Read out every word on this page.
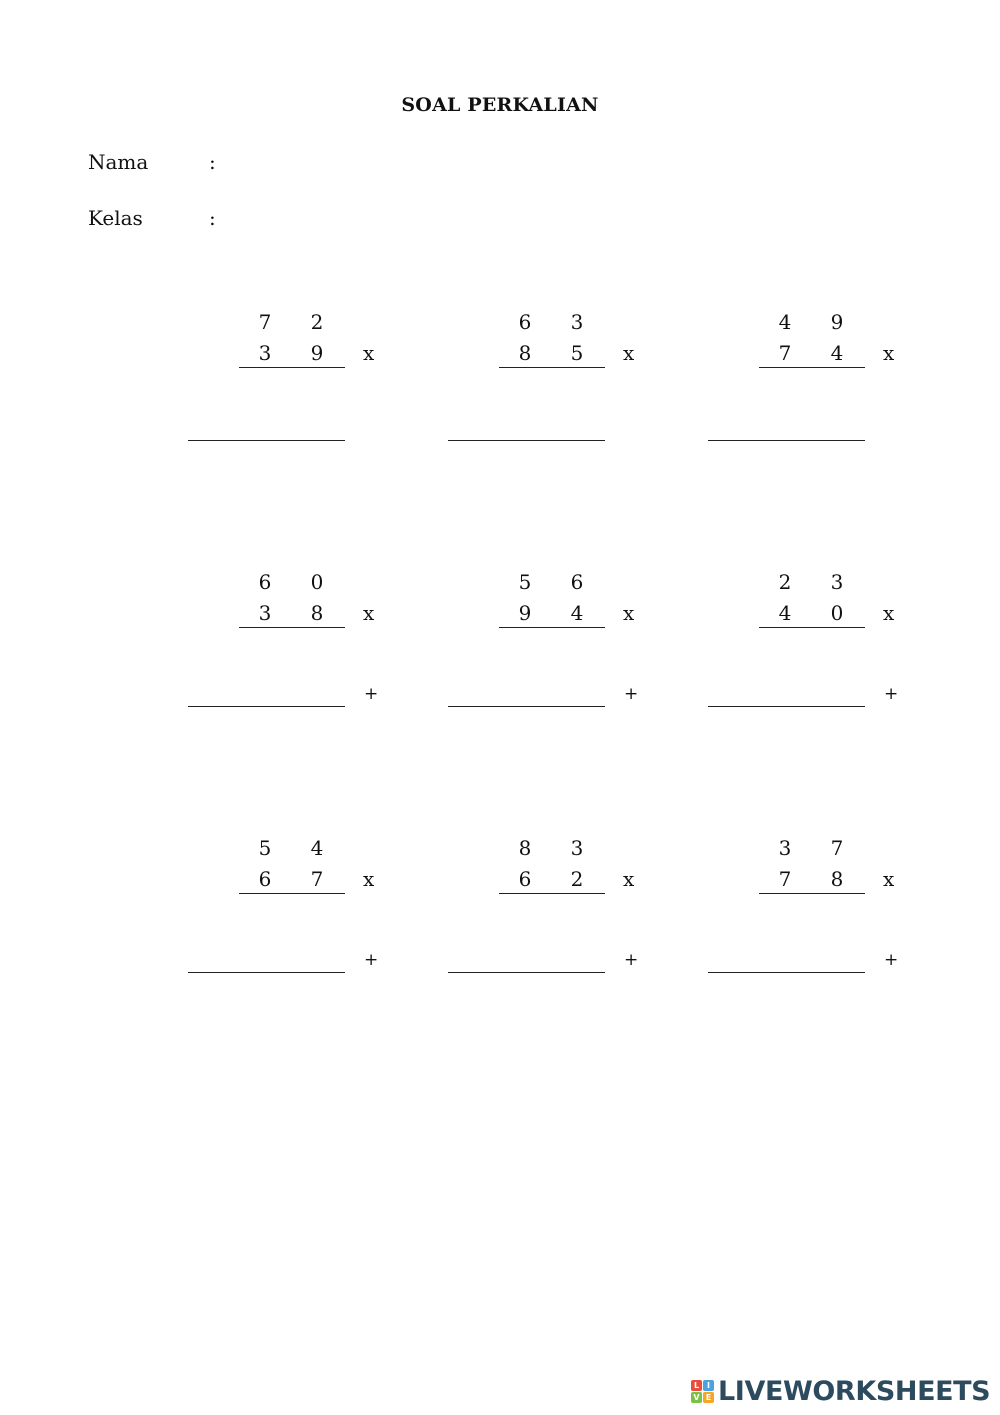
SOAL PERKALIAN
Nama	:
Kelas	:
7 2
3 9 x
6 3
8 5 x
4 9
7 4 x
6 0
3 8 x
+
5 6
9 4 x
+
2 3
4 0 x
+
5 4
6 7 x
+
8 3
6 2 x
+
3 7
7 8 x
+
L I
V E LIVEWORKSHEETS
